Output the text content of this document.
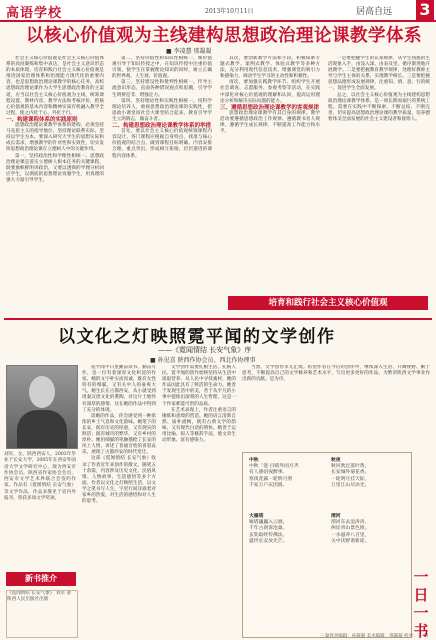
高语学校	2013年10月11日	居高自远 3
以核心价值观为主线建构思想政治理论课教学体系
■ 李凌慧 邢凝凝

社会主义核心价值观是社会主义核心价值体系的高度凝练和集中表达，是社会主义意识形态的本质体现。培育和践行社会主义核心价值观是推进国家治理体系和治理能力现代化的重要内容，也是思想政治理论课教学的核心任务。高校思想政治理论课作为大学生思想政治教育的主渠道，应当以社会主义核心价值观为主线，统筹课程设置、教材内容、教学方法和考核评价，把核心价值观的基本内容和精神实质有机融入教学全过程，使之内化于心、外化于行。

一、构建课程体系的实践原则

思想政治理论课教学体系的建构，必须坚持马克思主义的指导地位，坚持理论联系实际，坚持以学生为本。要深入研究大学生的思想实际和成长需求，增强教学的针对性和实效性，切实发挥思想政治理论课在立德树人中的关键作用。

第一，坚持政治性和学理性相统一。思想政治理论课是落实立德树人根本任务的关键课程，既要旗帜鲜明讲政治，又要以透彻的学理分析回应学生，以彻底的思想理论说服学生，用真理的强大力量引导学生。

第二，坚持价值性和知识性相统一。寓价值观引导于知识传授之中，在知识传授中注重价值引领，使学生在掌握理论知识的同时，树立正确的世界观、人生观、价值观。

第三，坚持建设性和批判性相统一。传导主流意识形态，直面各种错误观点和思潮，引导学生明辨是非、增强定力。

第四，坚持理论性和实践性相统一。用科学理论培养人，重视思想政治理论课的实践性，把思政小课堂同社会大课堂结合起来，教育引导学生立鸿鹄志，做奋斗者。

二、构建思想政治理论课教学体系的举措

首先，要以社会主义核心价值观统领课程内容设计。各门课程应根据自身特点，找准与核心价值观的结合点，做到课程目标明确、内容安排合理、重点突出，形成相互衔接、层层递进的课程内容体系。

其次，要创新教学方法和手段。积极探索专题式教学、案例式教学、体验式教学等多种方法，充分利用现代信息技术，增强课堂的吸引力和感染力，调动学生学习的主动性和积极性。

再次，要加强实践教学环节。组织学生开展社会调查、志愿服务、参观考察等活动，在实践中深化对核心价值观的理解和认同，提高运用理论分析和解决实际问题的能力。

三、遵循思想政治理论课教学的客观规律

思想政治理论课教学有其自身的规律。教学活动要遵循思想政治工作规律、遵循教书育人规律、遵循学生成长规律，不断提高工作能力和水平。

一是要把握学生的认知规律，从学生熟悉的生活现象入手，由浅入深、由表及里，循序渐进地开展教学。二是要把握教育教学规律，处理好教师主导与学生主体的关系，实现教学相长。三是要把握思想品德形成发展规律，注重知、情、意、行的统一，促进学生全面发展。

总之，以社会主义核心价值观为主线建构思想政治理论课教学体系，是一项长期而艰巨的系统工程。需要在实践中不断探索、不断总结、不断完善，切实提高思想政治理论课的教学质量，培养德智体美全面发展的社会主义建设者和接班人。

培育和践行社会主义核心价值观
以文化之灯映照霓平闻的文学创作
——《霓闻情结 长安气象》序
■ 孙见喜 陕西作协会员、西北作协理事
刘军，女，陕西西安人，2003年毕业于长安大学，2005年在西安外国语大学文学研究中心，现为西安市作协会员，陕西省作家协会会员，西安市文学艺术界联合会签约作家。作品有《霓闻情结 长安气象》等文学作品，作品多散见于省内外报刊，曾获多项文学奖项。
新书推介
《霓闻情结 长安气象》 刘军 著 陕西人民出版社出版

霓平闻平日里勤奋读书、勤奋写作，是一位有着深厚文化积淀的作家。她的文字朴实而真诚，既有女性特有的细腻，又有关中人的豪爽大气。她生长在古都西安，从小就受到周秦汉唐文化的熏陶，对这片土地怀有深厚的感情，这在她的作品中得到了充分的体现。

读她的作品，你会感受到一种浓浓的乡土气息和文化韵味。她笔下的长安，既有历史的厚重，又有现实的鲜活；既有城市的繁华，又有乡村的淳朴。她用细腻的笔触描绘了长安的风土人情，讲述了普通百姓的喜怒哀乐，展现了古都西安的时代变迁。

这部《霓闻情结 长安气象》收录了作者近年来创作的散文、随笔五十余篇，内容涉及历史文化、民俗风情、人物故事、生活感悟等多个方面。作者以文化之灯映照生活，以文学之笔书写人生，字里行间洋溢着对家乡的热爱、对生活的感悟和对人生的思考。

文学创作需要扎根生活、扎根人民。霓平闻的创作始终坚持从生活中汲取营养，从人民中寻找素材，她的作品因此具有了鲜活的生命力。她善于发现生活中的美，善于从平凡的小事中提炼出深刻的人生哲理，这是一个作家难能可贵的品质。

在艺术表现上，作者注重语言的锤炼和意境的营造。她的语言清新自然、质朴流畅，既有古典文学的韵味，又有现代白话的明快。她善于运用比喻、拟人等修辞手法，使文章生动形象、富有感染力。

当然，文学创作永无止境。希望作者在今后的创作中，继续深入生活、开阔视野、勤于思考，不断提高自己的文学修养和艺术水平，写出更多更好的作品，为繁荣陕西文学事业作出新的贡献。是为序。

中秋
中秋「能·目睹外园月齐
有人感泪夜醉事。
寒夜花露一轮明月照
千家万户庆团圆。
秋夜
秋风吹过落叶黄，
长安城外菊花香。
一轮明月挂天际，
万里江山尽沐光。
大雁塔
雁塔巍巍入云端，
千年古刹诉沧桑。
玄奘取经传佛法，
盛世长安放光芒。
渭河
渭河东去浪涛涛，
两岸青山景色娇。
一水滋养八百里，
关中沃野谱新谣。
一日一书
三秦周刊编辑：孙凝凝 美术编辑：邢凝凝 校对：王 明
